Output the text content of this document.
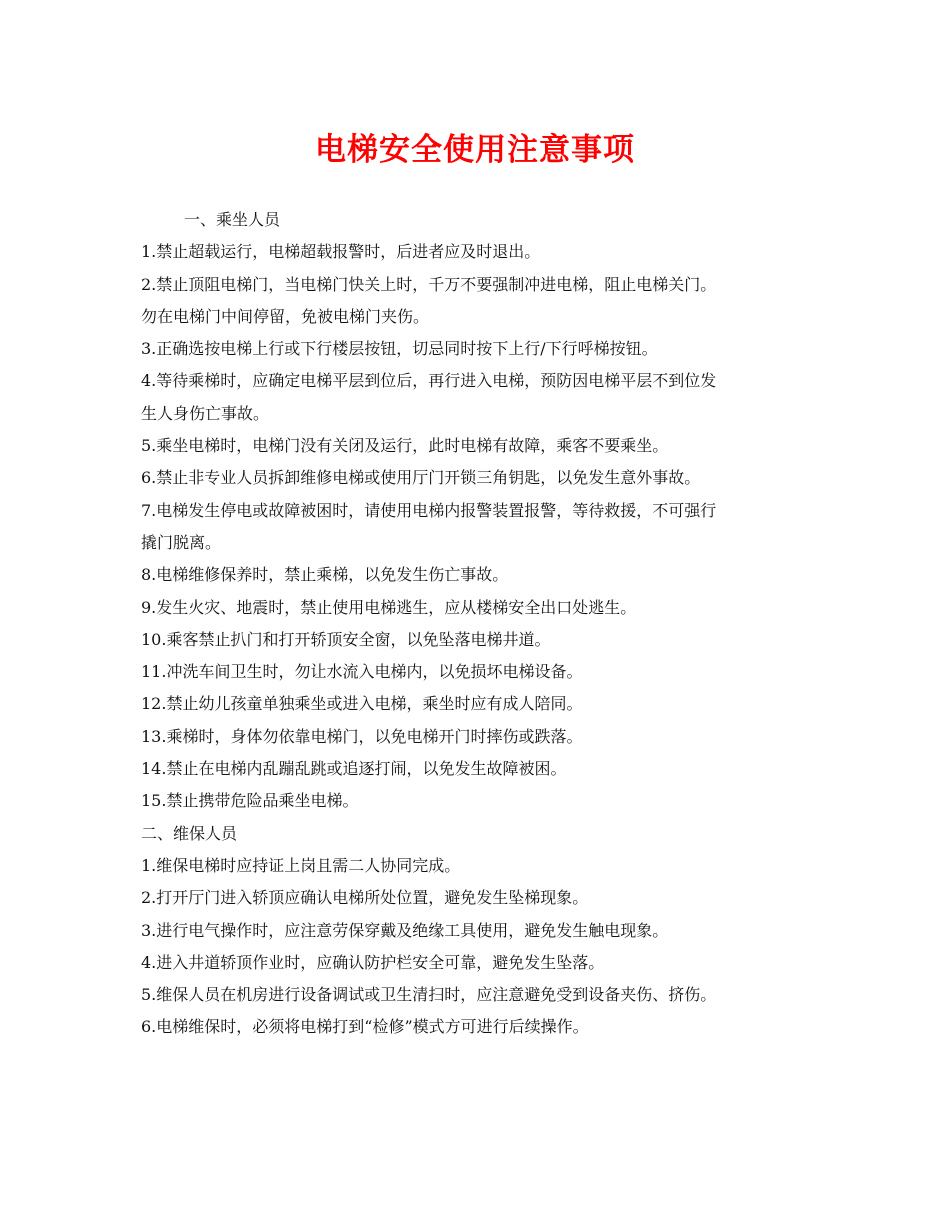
电梯安全使用注意事项
一、乘坐人员
1.禁止超载运行，电梯超载报警时，后进者应及时退出。
2.禁止顶阻电梯门，当电梯门快关上时，千万不要强制冲进电梯，阻止电梯关门。
勿在电梯门中间停留，免被电梯门夹伤。
3.正确选按电梯上行或下行楼层按钮，切忌同时按下上行/下行呼梯按钮。
4.等待乘梯时，应确定电梯平层到位后，再行进入电梯，预防因电梯平层不到位发
生人身伤亡事故。
5.乘坐电梯时，电梯门没有关闭及运行，此时电梯有故障，乘客不要乘坐。
6.禁止非专业人员拆卸维修电梯或使用厅门开锁三角钥匙，以免发生意外事故。
7.电梯发生停电或故障被困时，请使用电梯内报警装置报警，等待救援，不可强行
撬门脱离。
8.电梯维修保养时，禁止乘梯，以免发生伤亡事故。
9.发生火灾、地震时，禁止使用电梯逃生，应从楼梯安全出口处逃生。
10.乘客禁止扒门和打开轿顶安全窗，以免坠落电梯井道。
11.冲洗车间卫生时，勿让水流入电梯内，以免损坏电梯设备。
12.禁止幼儿孩童单独乘坐或进入电梯，乘坐时应有成人陪同。
13.乘梯时，身体勿依靠电梯门，以免电梯开门时摔伤或跌落。
14.禁止在电梯内乱蹦乱跳或追逐打闹，以免发生故障被困。
15.禁止携带危险品乘坐电梯。
二、维保人员
1.维保电梯时应持证上岗且需二人协同完成。
2.打开厅门进入轿顶应确认电梯所处位置，避免发生坠梯现象。
3.进行电气操作时，应注意劳保穿戴及绝缘工具使用，避免发生触电现象。
4.进入井道轿顶作业时，应确认防护栏安全可靠，避免发生坠落。
5.维保人员在机房进行设备调试或卫生清扫时，应注意避免受到设备夹伤、挤伤。
6.电梯维保时，必须将电梯打到“检修”模式方可进行后续操作。
